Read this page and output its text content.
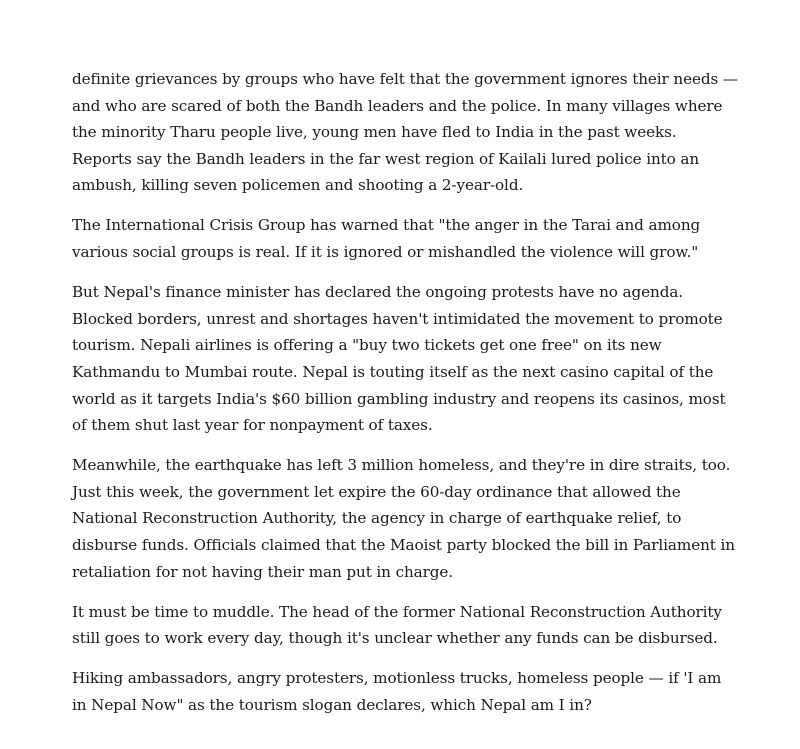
definite grievances by groups who have felt that the government ignores their needs — and who are scared of both the Bandh leaders and the police. In many villages where the minority Tharu people live, young men have fled to India in the past weeks. Reports say the Bandh leaders in the far west region of Kailali lured police into an ambush, killing seven policemen and shooting a 2-year-old.

The International Crisis Group has warned that "the anger in the Tarai and among various social groups is real. If it is ignored or mishandled the violence will grow."

But Nepal's finance minister has declared the ongoing protests have no agenda. Blocked borders, unrest and shortages haven't intimidated the movement to promote tourism. Nepali airlines is offering a "buy two tickets get one free" on its new Kathmandu to Mumbai route. Nepal is touting itself as the next casino capital of the world as it targets India's $60 billion gambling industry and reopens its casinos, most of them shut last year for nonpayment of taxes.

Meanwhile, the earthquake has left 3 million homeless, and they're in dire straits, too. Just this week, the government let expire the 60-day ordinance that allowed the National Reconstruction Authority, the agency in charge of earthquake relief, to disburse funds. Officials claimed that the Maoist party blocked the bill in Parliament in retaliation for not having their man put in charge.

It must be time to muddle. The head of the former National Reconstruction Authority still goes to work every day, though it's unclear whether any funds can be disbursed.

Hiking ambassadors, angry protesters, motionless trucks, homeless people — if 'I am in Nepal Now" as the tourism slogan declares, which Nepal am I in?
